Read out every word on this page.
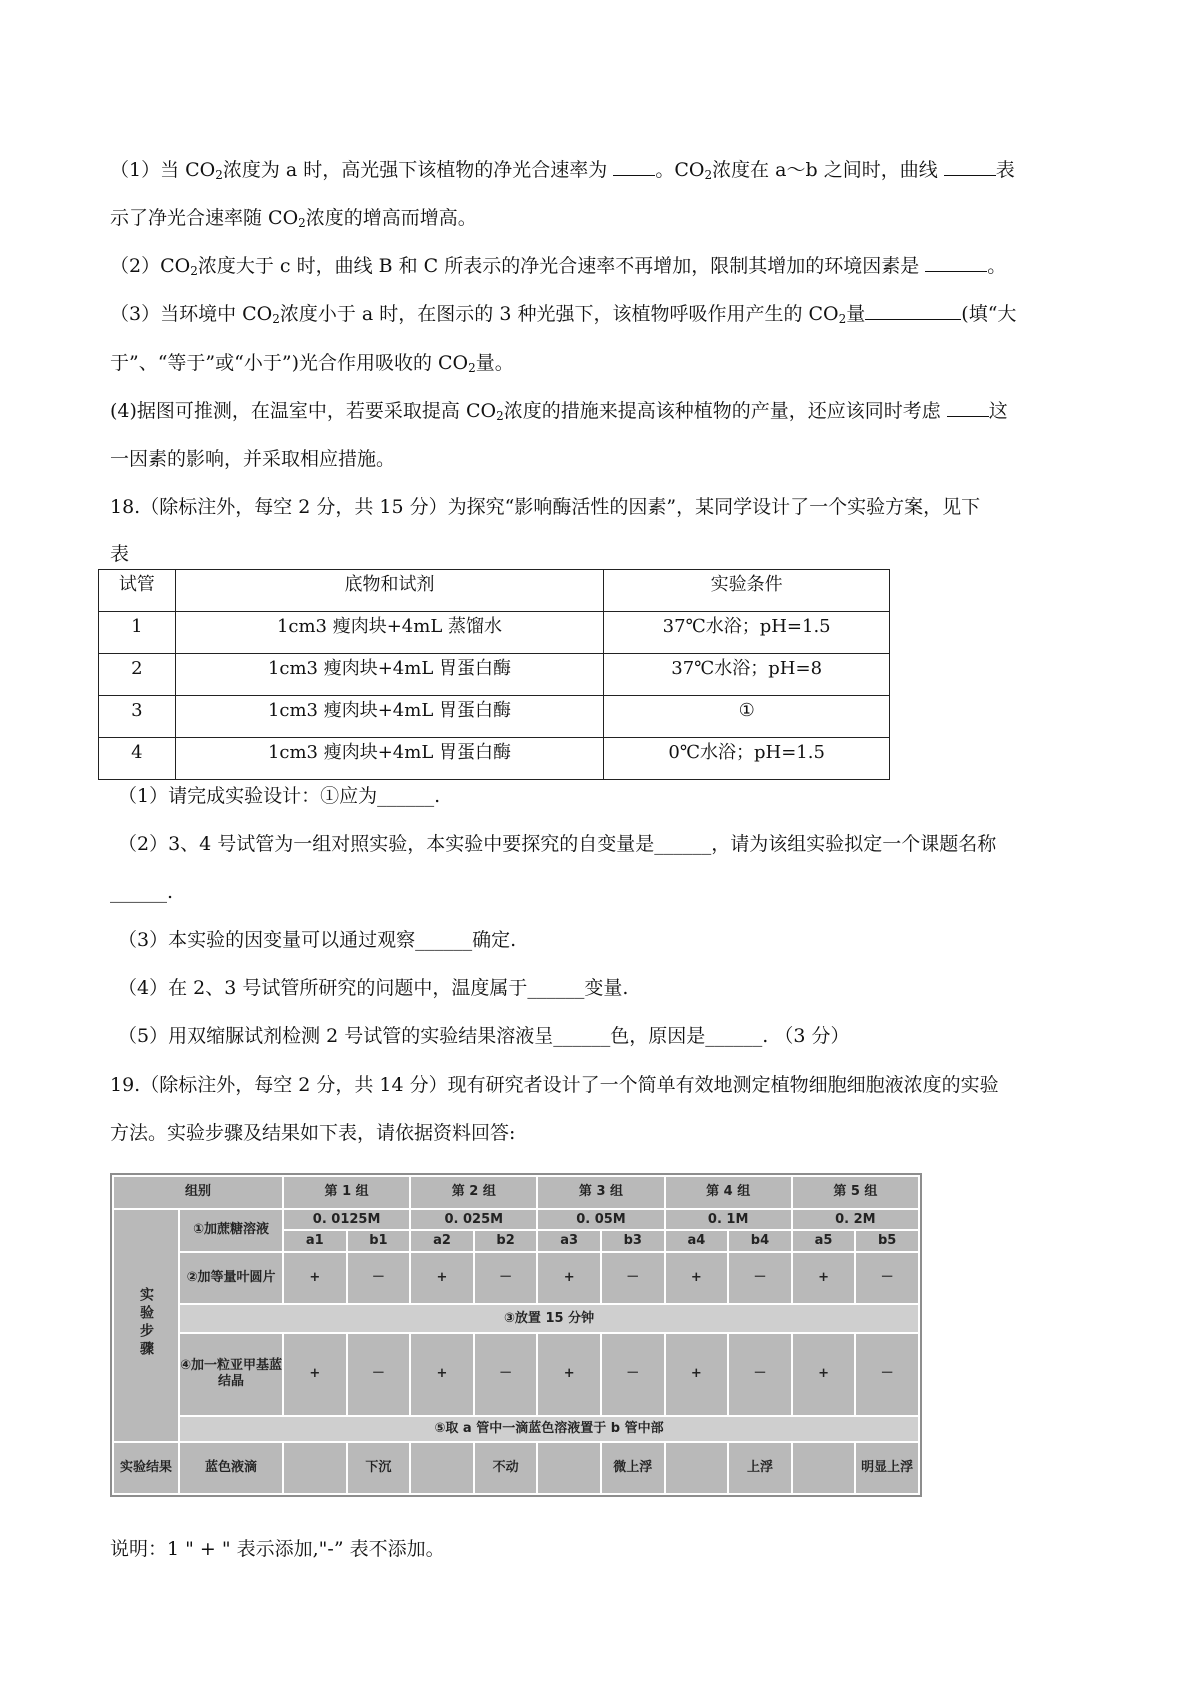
（1）当 $CO_2$浓度为 a 时，高光强下该植物的净光合速率为	。$CO_2$浓度在 a～b 之间时，曲线	表
示了净光合速率随 $CO_2$浓度的增高而增高。
$(2)CO_2$浓度大于 c 时，曲线 B 和 C 所表示的净光合速率不再增加，限制其增加的环境因素是	。
（3）当环境中 $CO_2$浓度小于 a 时，在图示的 3 种光强下，该植物呼吸作用产生的 $CO_2$量	(填“大
于”、“等于”或“小于”)光合作用吸收的 $CO_2$量。
(4)据图可推测，在温室中，若要采取提高 $CO_2$浓度的措施来提高该种植物的产量，还应该同时考虑	这
一因素的影响，并采取相应措施。
18.（除标注外，每空 2 分，共 15 分）为探究“影响酶活性的因素”，某同学设计了一个实验方案，见下
表
试管	底物和试剂	实验条件
1	1cm3 瘦肉块+4mL 蒸馏水	37℃水浴；pH=1.5
2	1cm3 瘦肉块+4mL 胃蛋白酶	37℃水浴；pH=8
3	1cm3 瘦肉块+4mL 胃蛋白酶	①
4	1cm3 瘦肉块+4mL 胃蛋白酶	0℃水浴；pH=1.5
（1）请完成实验设计：①应为______.
（2）3、4 号试管为一组对照实验，本实验中要探究的自变量是______，请为该组实验拟定一个课题名称
______.
（3）本实验的因变量可以通过观察______确定.
（4）在 2、3 号试管所研究的问题中，温度属于______变量.
（5）用双缩脲试剂检测 2 号试管的实验结果溶液呈______色，原因是______. （3 分）
19.（除标注外，每空 2 分，共 14 分）现有研究者设计了一个简单有效地测定植物细胞细胞液浓度的实验
方法。实验步骤及结果如下表，请依据资料回答:
组别		第 1 组		第 2 组		第 3 组		第 4 组		第 5 组	
实验步骤	①加蔗糖溶液	0. 0125M		0. 025M		0. 05M		0. 1M		0. 2M	
		a1	b1	a2	b2	a3	b3	a4	b4	a5	b5
	②加等量叶圆片	+	－	+	－	+	－	+	－	+	－
	③放置 15 分钟										
	④加一粒亚甲基蓝结晶	+	－	+	－	+	－	+	－	+	－
	⑤取 a 管中一滴蓝色溶液置于 b 管中部										
实验结果	蓝色液滴		下沉		不动		微上浮		上浮		明显上浮
说明：1 " + " 表示添加,"-” 表不添加。
